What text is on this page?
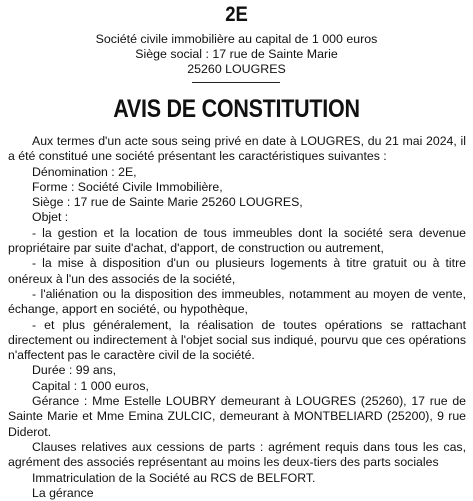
2E
Société civile immobilière au capital de 1 000 euros
Siège social : 17 rue de Sainte Marie
25260 LOUGRES
AVIS DE CONSTITUTION

Aux termes d'un acte sous seing privé en date à LOUGRES, du 21 mai 2024, il a été constitué une société présentant les caractéristiques suivantes :

Dénomination : 2E,

Forme : Société Civile Immobilière,

Siège : 17 rue de Sainte Marie 25260 LOUGRES,

Objet :

- la gestion et la location de tous immeubles dont la société sera devenue propriétaire par suite d'achat, d'apport, de construction ou autrement,

- la mise à disposition d'un ou plusieurs logements à titre gratuit ou à titre onéreux à l'un des associés de la société,

- l'aliénation ou la disposition des immeubles, notamment au moyen de vente, échange, apport en société, ou hypothèque,

- et plus généralement, la réalisation de toutes opérations se rattachant directement ou indirectement à l'objet social sus indiqué, pourvu que ces opérations n'affectent pas le caractère civil de la société.

Durée : 99 ans,

Capital : 1 000 euros,

Gérance : Mme Estelle LOUBRY demeurant à LOUGRES (25260), 17 rue de Sainte Marie et Mme Emina ZULCIC, demeurant à MONTBELIARD (25200), 9 rue Diderot.

Clauses relatives aux cessions de parts : agrément requis dans tous les cas, agrément des associés représentant au moins les deux-tiers des parts sociales

Immatriculation de la Société au RCS de BELFORT.

La gérance
